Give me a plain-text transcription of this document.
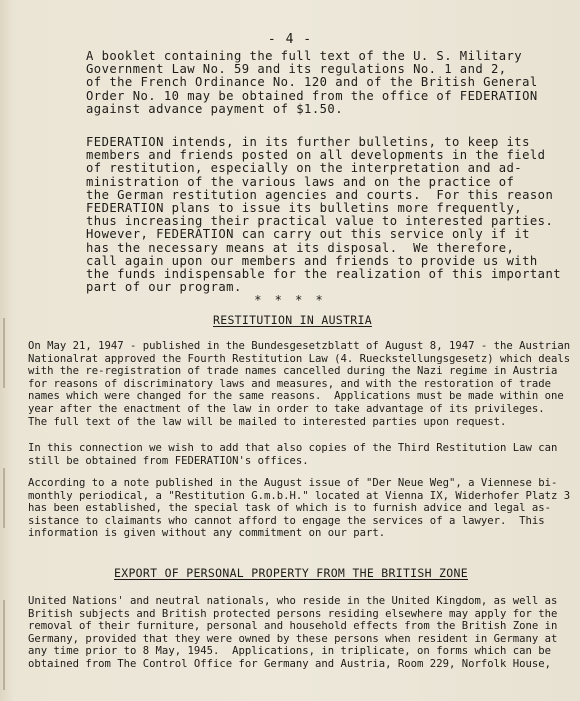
- 4 -

A booklet containing the full text of the U. S. Military
Government Law No. 59 and its regulations No. 1 and 2,
of the French Ordinance No. 120 and of the British General
Order No. 10 may be obtained from the office of FEDERATION
against advance payment of $1.50.

FEDERATION intends, in its further bulletins, to keep its
members and friends posted on all developments in the field
of restitution, especially on the interpretation and ad-
ministration of the various laws and on the practice of
the German restitution agencies and courts.  For this reason
FEDERATION plans to issue its bulletins more frequently,
thus increasing their practical value to interested parties.
However, FEDERATION can carry out this service only if it
has the necessary means at its disposal.  We therefore,
call again upon our members and friends to provide us with
the funds indispensable for the realization of this important
part of our program.

* * * *
RESTITUTION IN AUSTRIA

On May 21, 1947 - published in the Bundesgesetzblatt of August 8, 1947 - the Austrian
Nationalrat approved the Fourth Restitution Law (4. Rueckstellungsgesetz) which deals
with the re-registration of trade names cancelled during the Nazi regime in Austria
for reasons of discriminatory laws and measures, and with the restoration of trade
names which were changed for the same reasons.  Applications must be made within one
year after the enactment of the law in order to take advantage of its privileges.
The full text of the law will be mailed to interested parties upon request.

In this connection we wish to add that also copies of the Third Restitution Law can
still be obtained from FEDERATION's offices.

According to a note published in the August issue of "Der Neue Weg", a Viennese bi-
monthly periodical, a "Restitution G.m.b.H." located at Vienna IX, Widerhofer Platz 3
has been established, the special task of which is to furnish advice and legal as-
sistance to claimants who cannot afford to engage the services of a lawyer.  This
information is given without any commitment on our part.

EXPORT OF PERSONAL PROPERTY FROM THE BRITISH ZONE

United Nations' and neutral nationals, who reside in the United Kingdom, as well as
British subjects and British protected persons residing elsewhere may apply for the
removal of their furniture, personal and household effects from the British Zone in
Germany, provided that they were owned by these persons when resident in Germany at
any time prior to 8 May, 1945.  Applications, in triplicate, on forms which can be
obtained from The Control Office for Germany and Austria, Room 229, Norfolk House,
